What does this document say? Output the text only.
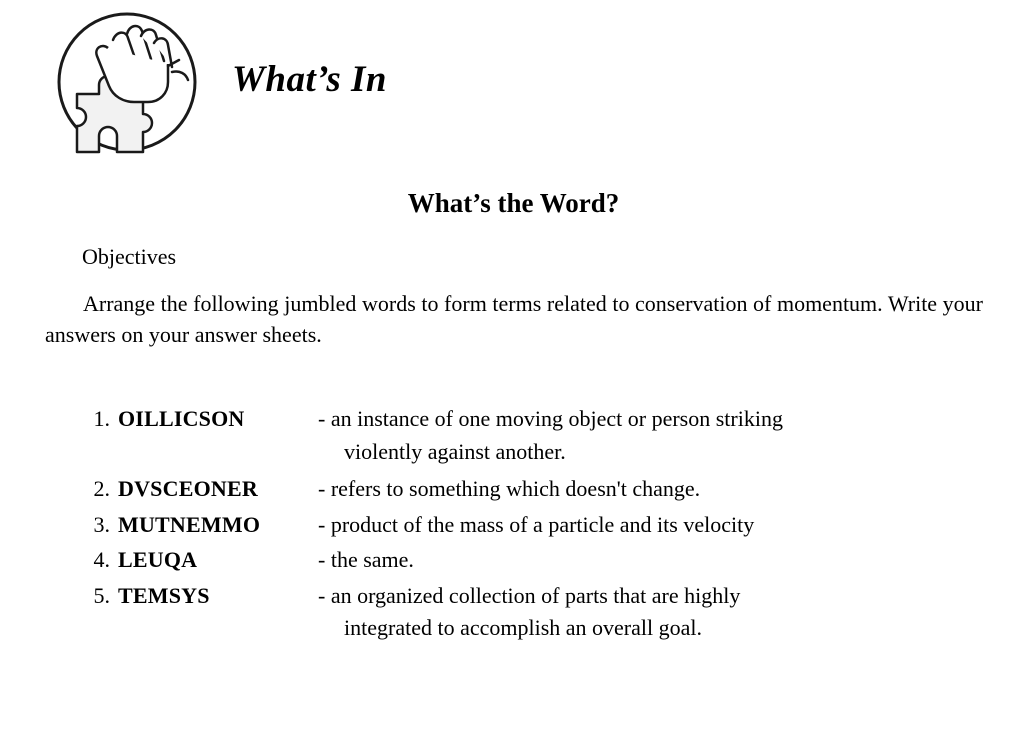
What’s In
What’s the Word?
Objectives
Arrange the following jumbled words to form terms related to conservation of momentum. Write your answers on your answer sheets.
1. OILLICSON	- an instance of one moving object or person striking
violently against another.
2. DVSCEONER	- refers to something which doesn't change.
3. MUTNEMMO	- product of the mass of a particle and its velocity
4. LEUQA	- the same.
5. TEMSYS	- an organized collection of parts that are highly
integrated to accomplish an overall goal.
